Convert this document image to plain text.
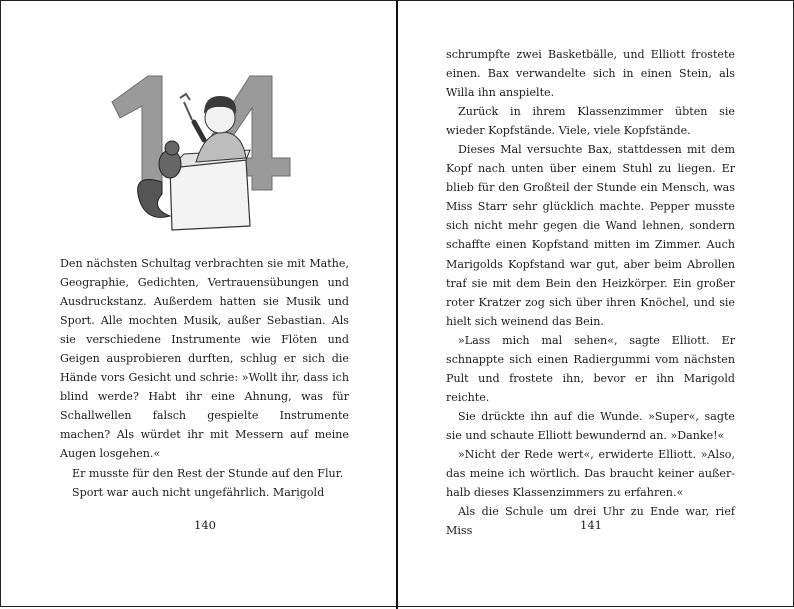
Den nächsten Schultag verbrachten sie mit Mathe, Geographie, Gedichten, Vertrauensübungen und Ausdruckstanz. Außerdem hatten sie Musik und Sport. Alle mochten Musik, außer Sebastian. Als sie verschiedene Instrumente wie Flöten und Geigen ausprobieren durften, schlug er sich die Hände vors Gesicht und schrie: »Wollt ihr, dass ich blind werde? Habt ihr eine Ahnung, was für Schallwellen falsch gespielte Instrumente machen? Als würdet ihr mit Messern auf meine Augen losgehen.«

Er musste für den Rest der Stunde auf den Flur.

Sport war auch nicht ungefährlich. Marigold

schrumpfte zwei Basketbälle, und Elliott frostete einen. Bax verwandelte sich in einen Stein, als Willa ihn anspielte.

Zurück in ihrem Klassenzimmer übten sie wieder Kopfstände. Viele, viele Kopfstände.

Dieses Mal versuchte Bax, stattdessen mit dem Kopf nach unten über einem Stuhl zu liegen. Er blieb für den Großteil der Stunde ein Mensch, was Miss Starr sehr glücklich machte. Pepper musste sich nicht mehr gegen die Wand lehnen, sondern schaffte einen Kopfstand mitten im Zimmer. Auch Marigolds Kopfstand war gut, aber beim Abrollen traf sie mit dem Bein den Heizkörper. Ein großer roter Kratzer zog sich über ihren Knöchel, und sie hielt sich weinend das Bein.

»Lass mich mal sehen«, sagte Elliott. Er schnappte sich einen Radiergummi vom nächsten Pult und frostete ihn, bevor er ihn Marigold reichte.

Sie drückte ihn auf die Wunde. »Super«, sagte sie und schaute Elliott bewundernd an. »Danke!«

»Nicht der Rede wert«, erwiderte Elliott. »Also, das meine ich wörtlich. Das braucht keiner außerhalb dieses Klassenzimmers zu erfahren.«

Als die Schule um drei Uhr zu Ende war, rief Miss

140	141
